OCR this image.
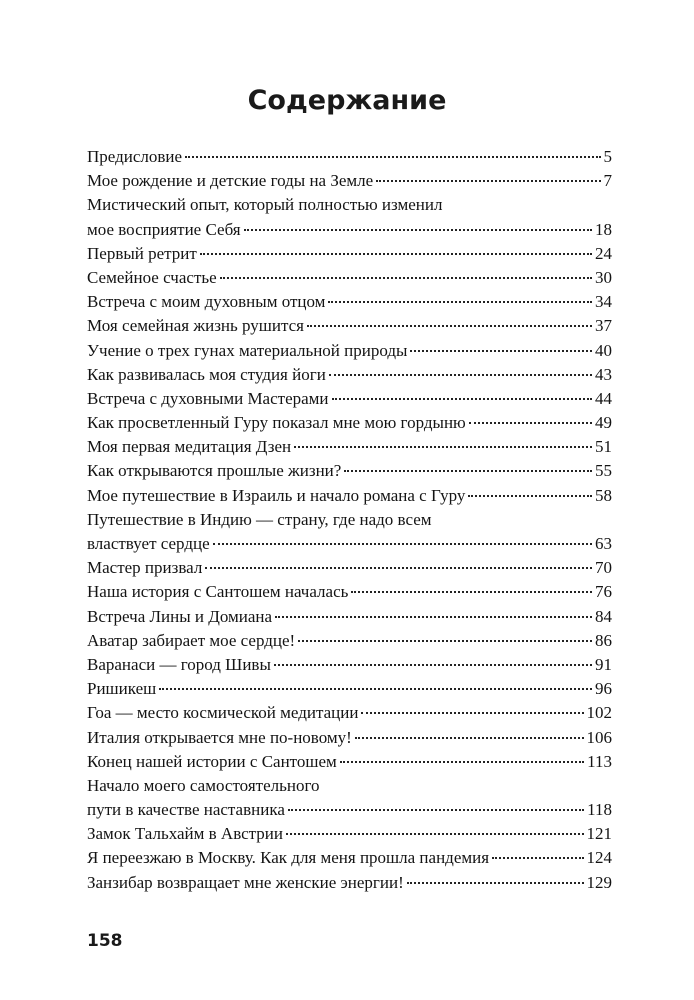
Содержание
Предисловие	5
Мое рождение и детские годы на Земле	7
Мистический опыт, который полностью изменил
мое восприятие Себя	18
Первый ретрит	24
Семейное счастье	30
Встреча с моим духовным отцом	34
Моя семейная жизнь рушится	37
Учение о трех гунах материальной природы	40
Как развивалась моя студия йоги	43
Встреча с духовными Мастерами	44
Как просветленный Гуру показал мне мою гордыню	49
Моя первая медитация Дзен	51
Как открываются прошлые жизни?	55
Мое путешествие в Израиль и начало романа с Гуру	58
Путешествие в Индию — страну, где надо всем
властвует сердце	63
Мастер призвал	70
Наша история с Сантошем началась	76
Встреча Лины и Домиана	84
Аватар забирает мое сердце!	86
Варанаси — город Шивы	91
Ришикеш	96
Гоа — место космической медитации	102
Италия открывается мне по-новому!	106
Конец нашей истории с Сантошем	113
Начало моего самостоятельного
пути в качестве наставника	118
Замок Тальхайм в Австрии	121
Я переезжаю в Москву. Как для меня прошла пандемия	124
Занзибар возвращает мне женские энергии!	129
158
